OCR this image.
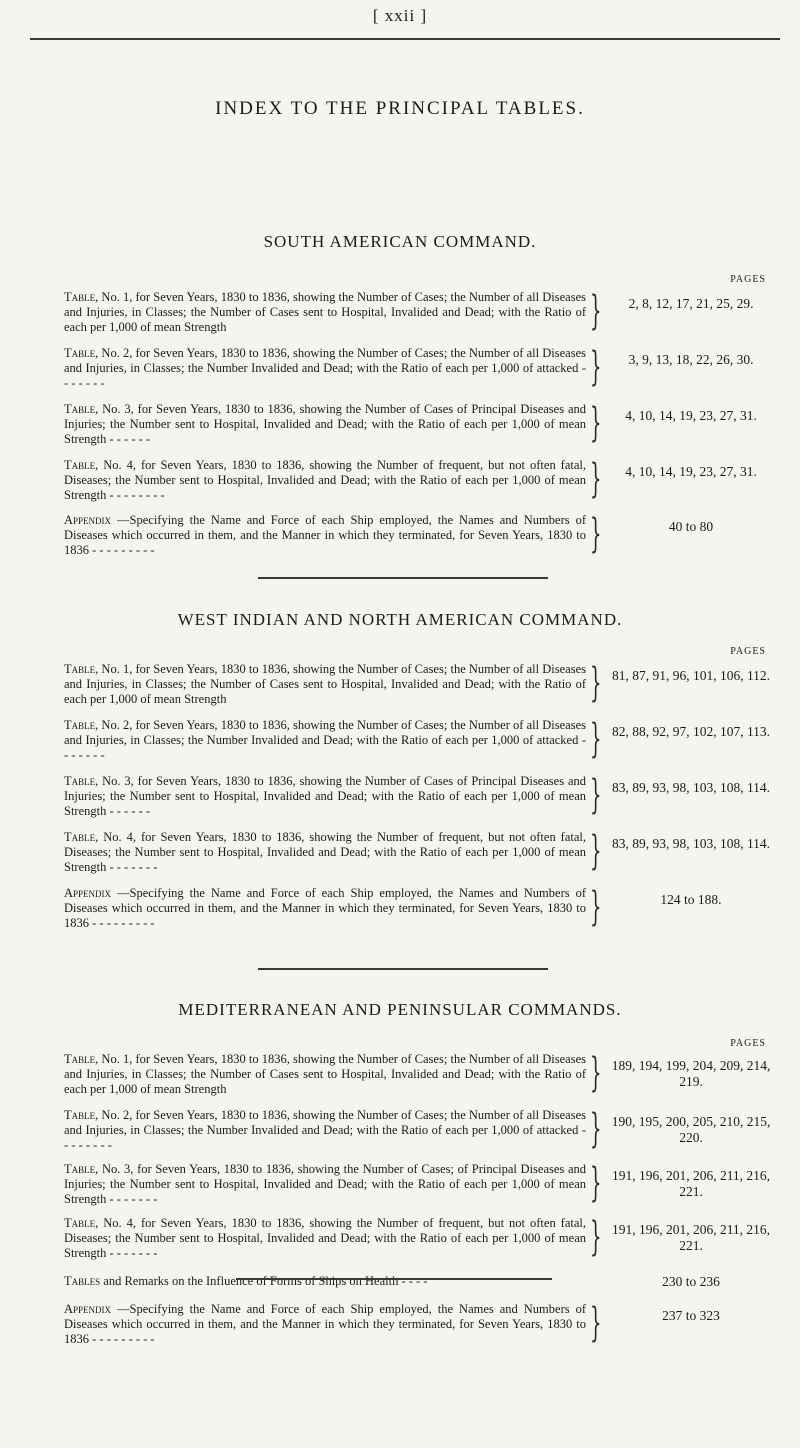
[ xxii ]
INDEX TO THE PRINCIPAL TABLES.
SOUTH AMERICAN COMMAND.
PAGES
Table, No. 1, for Seven Years, 1830 to 1836, showing the Number of Cases; the Number of all Diseases and Injuries, in Classes; the Number of Cases sent to Hospital, Invalided and Dead; with the Ratio of each per 1,000 of mean Strength	}	2, 8, 12, 17, 21, 25, 29.
Table, No. 2, for Seven Years, 1830 to 1836, showing the Number of Cases; the Number of all Diseases and Injuries, in Classes; the Number Invalided and Dead; with the Ratio of each per 1,000 of attacked - - - - - - -	}	3, 9, 13, 18, 22, 26, 30.
Table, No. 3, for Seven Years, 1830 to 1836, showing the Number of Cases of Principal Diseases and Injuries; the Number sent to Hospital, Invalided and Dead; with the Ratio of each per 1,000 of mean Strength - - - - - -	}	4, 10, 14, 19, 23, 27, 31.
Table, No. 4, for Seven Years, 1830 to 1836, showing the Number of frequent, but not often fatal, Diseases; the Number sent to Hospital, Invalided and Dead; with the Ratio of each per 1,000 of mean Strength - - - - - - - -	}	4, 10, 14, 19, 23, 27, 31.
Appendix —Specifying the Name and Force of each Ship employed, the Names and Numbers of Diseases which occurred in them, and the Manner in which they terminated, for Seven Years, 1830 to 1836 - - - - - - - - -	}	40 to 80
WEST INDIAN AND NORTH AMERICAN COMMAND.
PAGES
Table, No. 1, for Seven Years, 1830 to 1836, showing the Number of Cases; the Number of all Diseases and Injuries, in Classes; the Number of Cases sent to Hospital, Invalided and Dead; with the Ratio of each per 1,000 of mean Strength	} 81, 87, 91, 96, 101, 106, 112.
Table, No. 2, for Seven Years, 1830 to 1836, showing the Number of Cases; the Number of all Diseases and Injuries, in Classes; the Number Invalided and Dead; with the Ratio of each per 1,000 of attacked - - - - - - -	} 82, 88, 92, 97, 102, 107, 113.
Table, No. 3, for Seven Years, 1830 to 1836, showing the Number of Cases of Principal Diseases and Injuries; the Number sent to Hospital, Invalided and Dead; with the Ratio of each per 1,000 of mean Strength - - - - - -	} 83, 89, 93, 98, 103, 108, 114.
Table, No. 4, for Seven Years, 1830 to 1836, showing the Number of frequent, but not often fatal, Diseases; the Number sent to Hospital, Invalided and Dead; with the Ratio of each per 1,000 of mean Strength - - - - - - -	} 83, 89, 93, 98, 103, 108, 114.
Appendix —Specifying the Name and Force of each Ship employed, the Names and Numbers of Diseases which occurred in them, and the Manner in which they terminated, for Seven Years, 1830 to 1836 - - - - - - - - -	}	124 to 188.
MEDITERRANEAN AND PENINSULAR COMMANDS.
PAGES
Table, No. 1, for Seven Years, 1830 to 1836, showing the Number of Cases; the Number of all Diseases and Injuries, in Classes; the Number of Cases sent to Hospital, Invalided and Dead; with the Ratio of each per 1,000 of mean Strength	} 189, 194, 199, 204, 209, 214, 219.
Table, No. 2, for Seven Years, 1830 to 1836, showing the Number of Cases; the Number of all Diseases and Injuries, in Classes; the Number Invalided and Dead; with the Ratio of each per 1,000 of attacked - - - - - - - -	} 190, 195, 200, 205, 210, 215, 220.
Table, No. 3, for Seven Years, 1830 to 1836, showing the Number of Cases; of Principal Diseases and Injuries; the Number sent to Hospital, Invalided and Dead; with the Ratio of each per 1,000 of mean Strength - - - - - - -	} 191, 196, 201, 206, 211, 216, 221.
Table, No. 4, for Seven Years, 1830 to 1836, showing the Number of frequent, but not often fatal, Diseases; the Number sent to Hospital, Invalided and Dead; with the Ratio of each per 1,000 of mean Strength - - - - - - -	} 191, 196, 201, 206, 211, 216, 221.
Tables and Remarks on the Influence of Forms of Ships on Health - - - -	230 to 236
Appendix —Specifying the Name and Force of each Ship employed, the Names and Numbers of Diseases which occurred in them, and the Manner in which they terminated, for Seven Years, 1830 to 1836 - - - - - - - - -	}	237 to 323
